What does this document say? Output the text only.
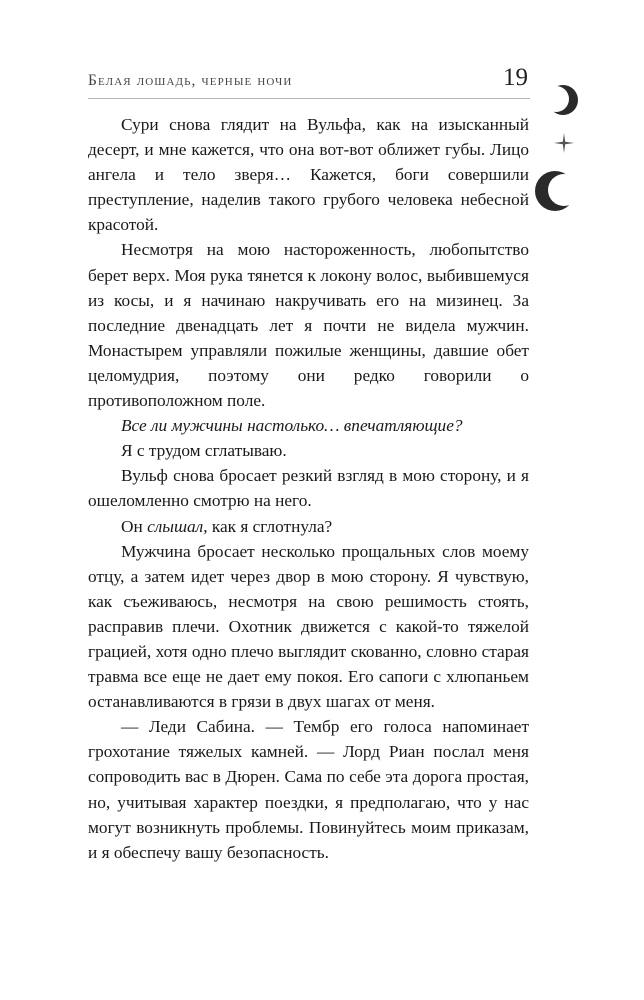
Белая лошадь, черные ночи	19

Сури снова глядит на Вульфа, как на изысканный десерт, и мне кажется, что она вот-вот оближет губы. Лицо ангела и тело зверя… Кажется, боги совершили преступление, наделив такого грубого человека небесной красотой.

Несмотря на мою настороженность, любопытство берет верх. Моя рука тянется к локону волос, выбившемуся из косы, и я начинаю накручивать его на мизинец. За последние двенадцать лет я почти не видела мужчин. Монастырем управляли пожилые женщины, давшие обет целомудрия, поэтому они редко говорили о противоположном поле.

Все ли мужчины настолько… впечатляющие?

Я с трудом сглатываю.

Вульф снова бросает резкий взгляд в мою сторону, и я ошеломленно смотрю на него.

Он слышал, как я сглотнула?

Мужчина бросает несколько прощальных слов моему отцу, а затем идет через двор в мою сторону. Я чувствую, как съеживаюсь, несмотря на свою решимость стоять, расправив плечи. Охотник движется с какой-то тяжелой грацией, хотя одно плечо выглядит скованно, словно старая травма все еще не дает ему покоя. Его сапоги с хлюпаньем останавливаются в грязи в двух шагах от меня.

— Леди Сабина. — Тембр его голоса напоминает грохотание тяжелых камней. — Лорд Риан послал меня сопроводить вас в Дюрен. Сама по себе эта дорога простая, но, учитывая характер поездки, я предполагаю, что у нас могут возникнуть проблемы. Повинуйтесь моим приказам, и я обеспечу вашу безопасность.
